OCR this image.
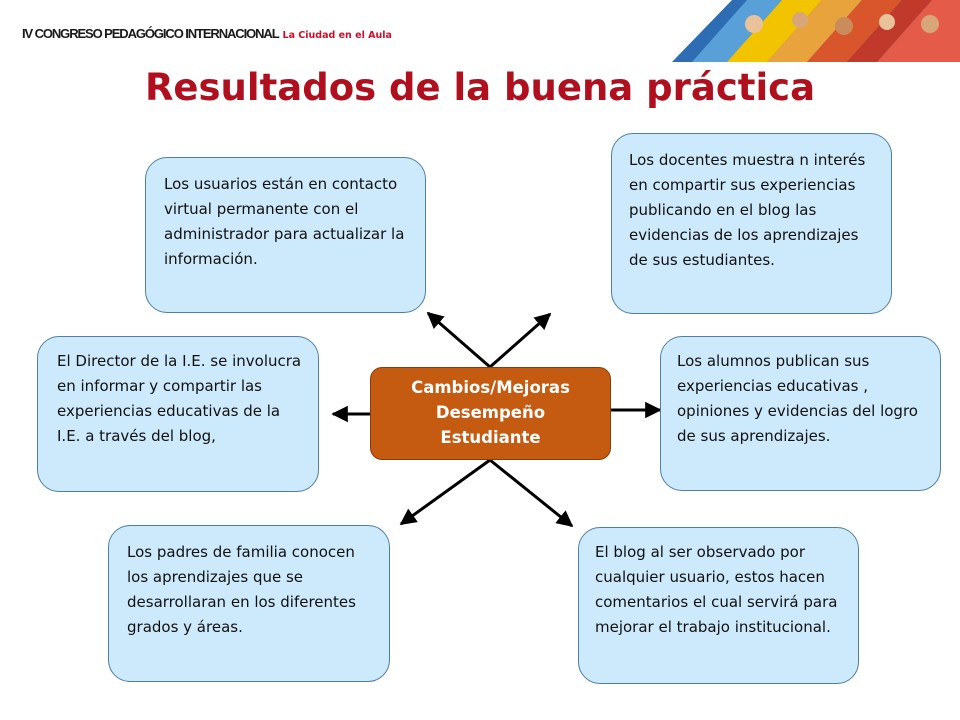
IV CONGRESO PEDAGÓGICO INTERNACIONAL La Ciudad en el Aula
Resultados de la buena práctica
Los usuarios están en contacto virtual permanente con el administrador para actualizar la información.
Los docentes muestra n interés en compartir sus experiencias publicando en el blog las evidencias de los aprendizajes de sus estudiantes.
El Director de la I.E. se involucra en informar y compartir las experiencias educativas de la I.E. a través del blog,
Los alumnos publican sus experiencias educativas , opiniones y evidencias del logro de sus aprendizajes.
Los padres de familia conocen los aprendizajes que se desarrollaran en los diferentes grados y áreas.
El blog al ser observado por cualquier usuario, estos hacen comentarios el cual servirá para mejorar el trabajo institucional.
Cambios/Mejoras
Desempeño
Estudiante
